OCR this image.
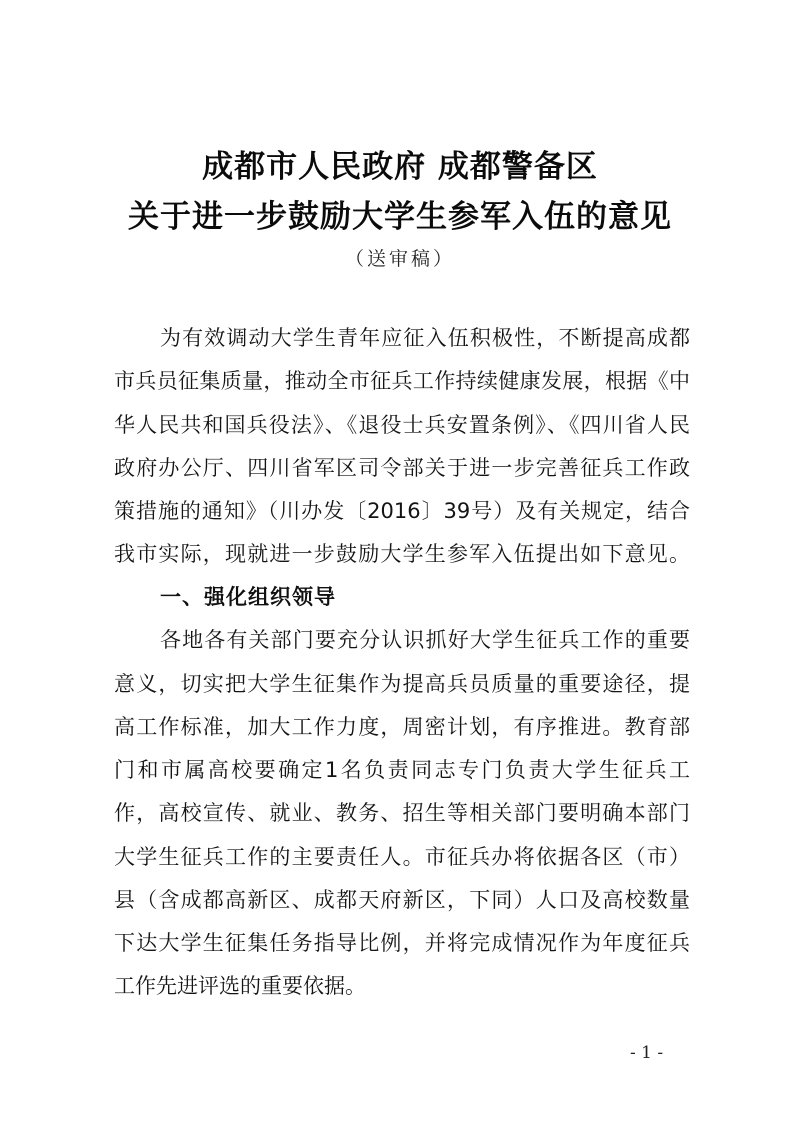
成都市人民政府 成都警备区
关于进一步鼓励大学生参军入伍的意见
（送审稿）
为有效调动大学生青年应征入伍积极性，不断提高成都
市兵员征集质量，推动全市征兵工作持续健康发展，根据《中
华人民共和国兵役法》、《退役士兵安置条例》、《四川省人民
政府办公厅、四川省军区司令部关于进一步完善征兵工作政
策措施的通知》（川办发〔2016〕39号）及有关规定，结合
我市实际，现就进一步鼓励大学生参军入伍提出如下意见。
一、强化组织领导
各地各有关部门要充分认识抓好大学生征兵工作的重要
意义，切实把大学生征集作为提高兵员质量的重要途径，提
高工作标准，加大工作力度，周密计划，有序推进。教育部
门和市属高校要确定1名负责同志专门负责大学生征兵工
作，高校宣传、就业、教务、招生等相关部门要明确本部门
大学生征兵工作的主要责任人。市征兵办将依据各区（市）
县（含成都高新区、成都天府新区，下同）人口及高校数量
下达大学生征集任务指导比例，并将完成情况作为年度征兵
工作先进评选的重要依据。
- 1 -
